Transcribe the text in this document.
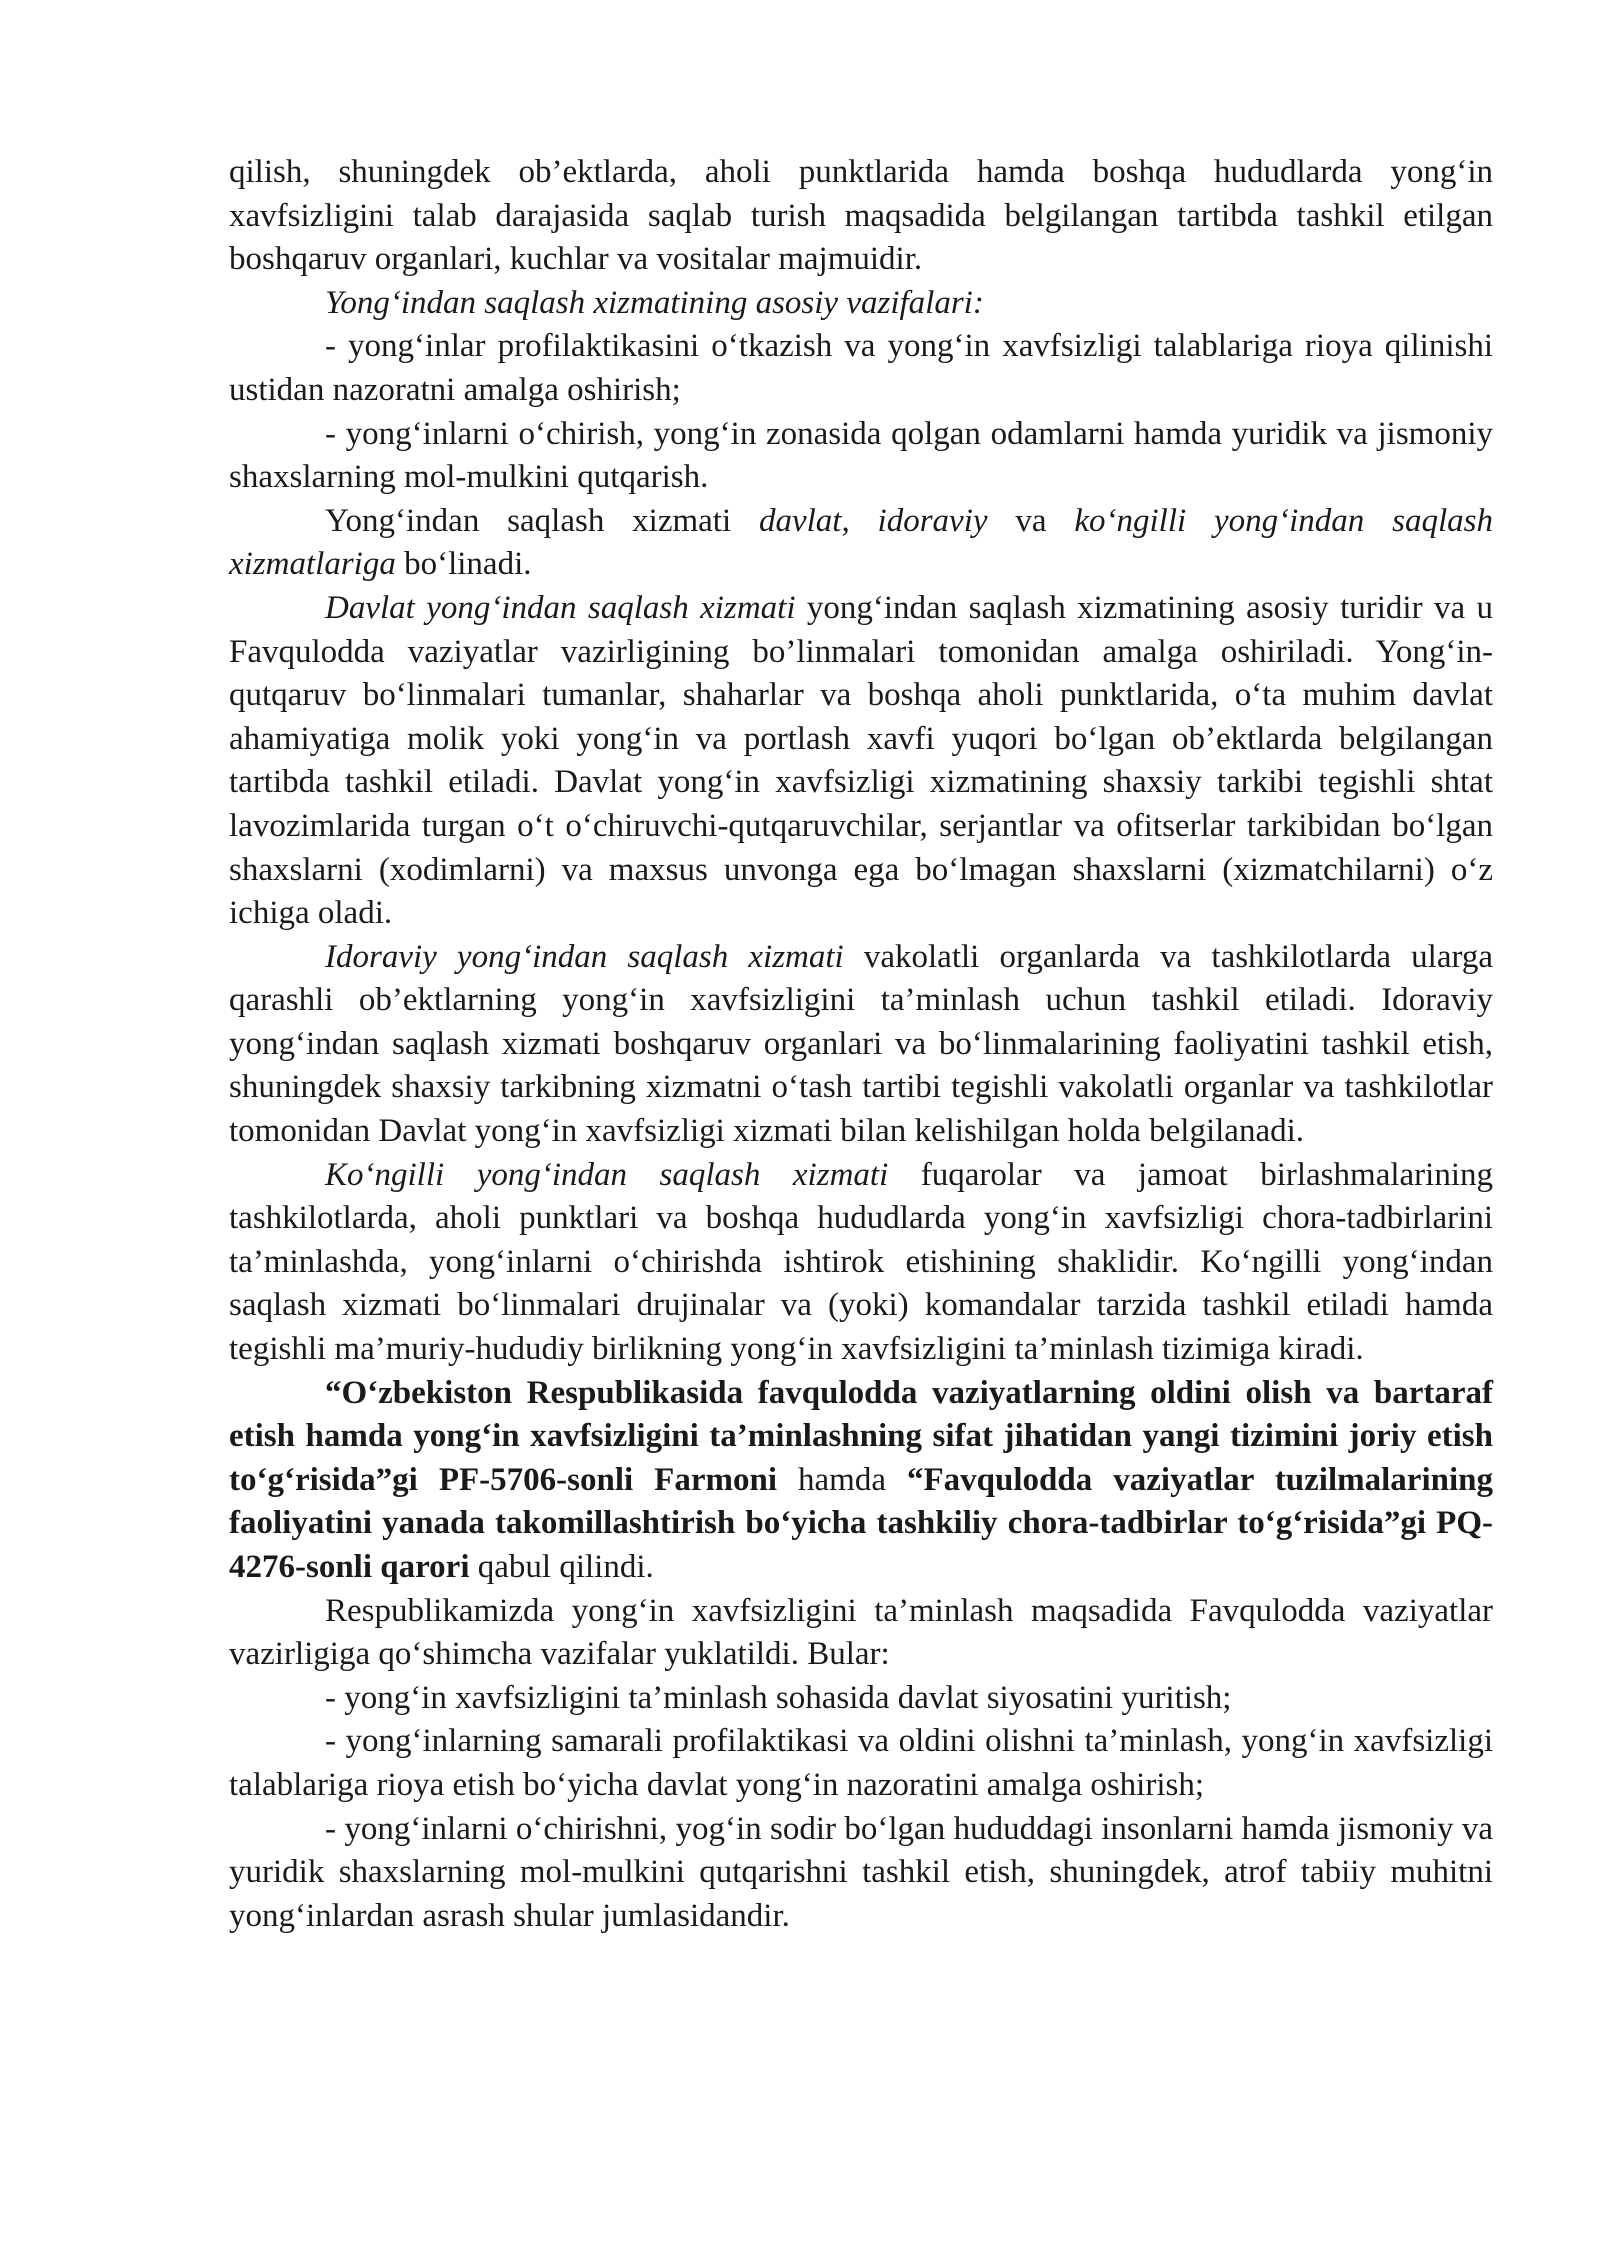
qilish, shuningdek ob’ektlarda, aholi punktlarida hamda boshqa hududlarda yong‘in xavfsizligini talab darajasida saqlab turish maqsadida belgilangan tartibda tashkil etilgan boshqaruv organlari, kuchlar va vositalar majmuidir.

Yong‘indan saqlash xizmatining asosiy vazifalari:

- yong‘inlar profilaktikasini o‘tkazish va yong‘in xavfsizligi talablariga rioya qilinishi ustidan nazoratni amalga oshirish;

- yong‘inlarni o‘chirish, yong‘in zonasida qolgan odamlarni hamda yuridik va jismoniy shaxslarning mol-mulkini qutqarish.

Yong‘indan saqlash xizmati davlat, idoraviy va ko‘ngilli yong‘indan saqlash xizmatlariga bo‘linadi.

Davlat yong‘indan saqlash xizmati yong‘indan saqlash xizmatining asosiy turidir va u Favqulodda vaziyatlar vazirligining bo’linmalari tomonidan amalga oshiriladi. Yong‘in-qutqaruv bo‘linmalari tumanlar, shaharlar va boshqa aholi punktlarida, o‘ta muhim davlat ahamiyatiga molik yoki yong‘in va portlash xavfi yuqori bo‘lgan ob’ektlarda belgilangan tartibda tashkil etiladi. Davlat yong‘in xavfsizligi xizmatining shaxsiy tarkibi tegishli shtat lavozimlarida turgan o‘t o‘chiruvchi-qutqaruvchilar, serjantlar va ofitserlar tarkibidan bo‘lgan shaxslarni (xodimlarni) va maxsus unvonga ega bo‘lmagan shaxslarni (xizmatchilarni) o‘z ichiga oladi.

Idoraviy yong‘indan saqlash xizmati vakolatli organlarda va tashkilotlarda ularga qarashli ob’ektlarning yong‘in xavfsizligini ta’minlash uchun tashkil etiladi. Idoraviy yong‘indan saqlash xizmati boshqaruv organlari va bo‘linmalarining faoliyatini tashkil etish, shuningdek shaxsiy tarkibning xizmatni o‘tash tartibi tegishli vakolatli organlar va tashkilotlar tomonidan Davlat yong‘in xavfsizligi xizmati bilan kelishilgan holda belgilanadi.

Ko‘ngilli yong‘indan saqlash xizmati fuqarolar va jamoat birlashmalarining tashkilotlarda, aholi punktlari va boshqa hududlarda yong‘in xavfsizligi chora-tadbirlarini ta’minlashda, yong‘inlarni o‘chirishda ishtirok etishining shaklidir. Ko‘ngilli yong‘indan saqlash xizmati bo‘linmalari drujinalar va (yoki) komandalar tarzida tashkil etiladi hamda tegishli ma’muriy-hududiy birlikning yong‘in xavfsizligini ta’minlash tizimiga kiradi.

“O‘zbekiston Respublikasida favqulodda vaziyatlarning oldini olish va bartaraf etish hamda yong‘in xavfsizligini ta’minlashning sifat jihatidan yangi tizimini joriy etish to‘g‘risida”gi PF-5706-sonli Farmoni hamda “Favqulodda vaziyatlar tuzilmalarining faoliyatini yanada takomillashtirish bo‘yicha tashkiliy chora-tadbirlar to‘g‘risida”gi PQ-4276-sonli qarori qabul qilindi.

Respublikamizda yong‘in xavfsizligini ta’minlash maqsadida Favqulodda vaziyatlar vazirligiga qo‘shimcha vazifalar yuklatildi. Bular:

- yong‘in xavfsizligini ta’minlash sohasida davlat siyosatini yuritish;

- yong‘inlarning samarali profilaktikasi va oldini olishni ta’minlash, yong‘in xavfsizligi talablariga rioya etish bo‘yicha davlat yong‘in nazoratini amalga oshirish;

- yong‘inlarni o‘chirishni, yog‘in sodir bo‘lgan hududdagi insonlarni hamda jismoniy va yuridik shaxslarning mol-mulkini qutqarishni tashkil etish, shuningdek, atrof tabiiy muhitni yong‘inlardan asrash shular jumlasidandir.
